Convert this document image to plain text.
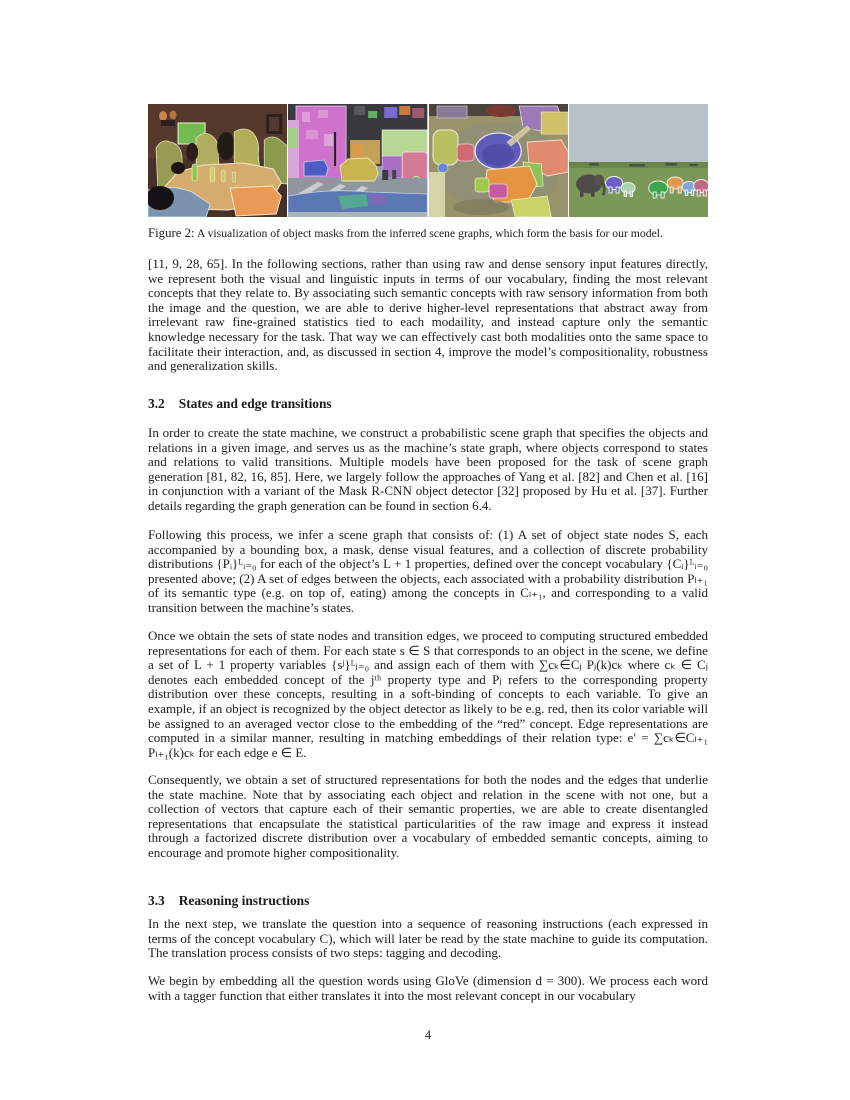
Figure 2: A visualization of object masks from the inferred scene graphs, which form the basis for our model.

[11, 9, 28, 65]. In the following sections, rather than using raw and dense sensory input features directly, we represent both the visual and linguistic inputs in terms of our vocabulary, finding the most relevant concepts that they relate to. By associating such semantic concepts with raw sensory information from both the image and the question, we are able to derive higher-level representations that abstract away from irrelevant raw fine-grained statistics tied to each modaility, and instead capture only the semantic knowledge necessary for the task. That way we can effectively cast both modalities onto the same space to facilitate their interaction, and, as discussed in section 4, improve the model’s compositionality, robustness and generalization skills.

3.2 States and edge transitions

In order to create the state machine, we construct a probabilistic scene graph that specifies the objects and relations in a given image, and serves us as the machine’s state graph, where objects correspond to states and relations to valid transitions. Multiple models have been proposed for the task of scene graph generation [81, 82, 16, 85]. Here, we largely follow the approaches of Yang et al. [82] and Chen et al. [16] in conjunction with a variant of the Mask R-CNN object detector [32] proposed by Hu et al. [37]. Further details regarding the graph generation can be found in section 6.4.

Following this process, we infer a scene graph that consists of: (1) A set of object state nodes S, each accompanied by a bounding box, a mask, dense visual features, and a collection of discrete probability distributions {Pᵢ}ᴸᵢ₌₀ for each of the object’s L + 1 properties, defined over the concept vocabulary {Cᵢ}ᴸᵢ₌₀ presented above; (2) A set of edges between the objects, each associated with a probability distribution Pₗ₊₁ of its semantic type (e.g. on top of, eating) among the concepts in Cₗ₊₁, and corresponding to a valid transition between the machine’s states.

Once we obtain the sets of state nodes and transition edges, we proceed to computing structured embedded representations for each of them. For each state s ∈ S that corresponds to an object in the scene, we define a set of L + 1 property variables {sʲ}ᴸⱼ₌₀ and assign each of them with ∑cₖ∈Cⱼ Pⱼ(k)cₖ where cₖ ∈ Cⱼ denotes each embedded concept of the jᵗʰ property type and Pⱼ refers to the corresponding property distribution over these concepts, resulting in a soft-binding of concepts to each variable. To give an example, if an object is recognized by the object detector as likely to be e.g. red, then its color variable will be assigned to an averaged vector close to the embedding of the “red” concept. Edge representations are computed in a similar manner, resulting in matching embeddings of their relation type: e′ = ∑cₖ∈Cₗ₊₁ Pₗ₊₁(k)cₖ for each edge e ∈ E.

Consequently, we obtain a set of structured representations for both the nodes and the edges that underlie the state machine. Note that by associating each object and relation in the scene with not one, but a collection of vectors that capture each of their semantic properties, we are able to create disentangled representations that encapsulate the statistical particularities of the raw image and express it instead through a factorized discrete distribution over a vocabulary of embedded semantic concepts, aiming to encourage and promote higher compositionality.

3.3 Reasoning instructions

In the next step, we translate the question into a sequence of reasoning instructions (each expressed in terms of the concept vocabulary C), which will later be read by the state machine to guide its computation. The translation process consists of two steps: tagging and decoding.

We begin by embedding all the question words using GloVe (dimension d = 300). We process each word with a tagger function that either translates it into the most relevant concept in our vocabulary

4
